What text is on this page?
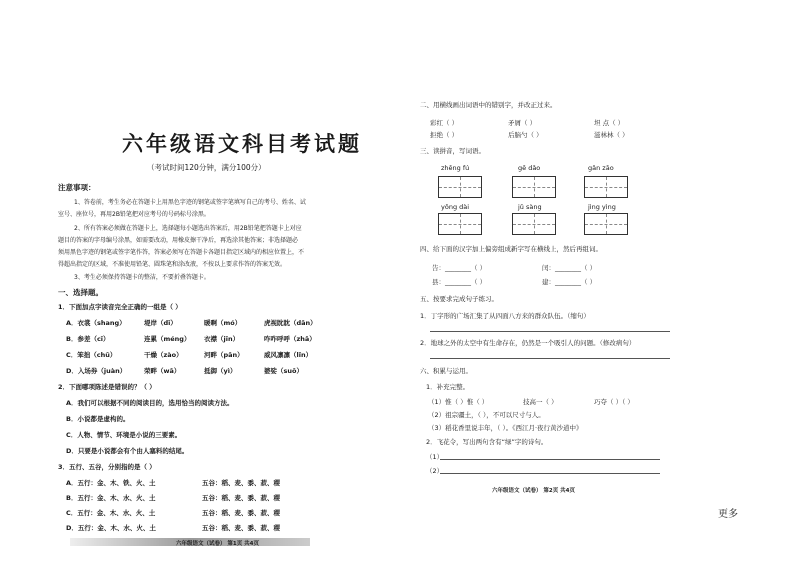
六年级语文科目考试题
（考试时间120分钟，满分100分）
注意事项：
1、答卷前，考生务必在答题卡上用黑色字迹的钢笔或签字笔填写自己的考号、姓名、试
室号、座位号，再用2B铅笔把对应考号的号码标号涂黑。
2、所有答案必须做在答题卡上，选择题每小题选出答案后，用2B铅笔把答题卡上对应
题目的答案的字母编号涂黑，如需要改动，用橡皮擦干净后，再选涂其他答案；非选择题必
须用黑色字迹的钢笔或签字笔作答，答案必须写在答题卡各题目指定区域内的相应位置上，不
得超出指定的区域，不准使用铅笔、圆珠笔和涂改液，不按以上要求作答的答案无效。
3、考生必须保持答题卡的整洁，不要折叠答题卡。
一、选择题。
1．下面加点字读音完全正确的一组是（ ）
A．衣裳（shang）	堤岸（dī）	暖啊（mó）	虎视眈眈（dān）
B．参差（cī）	连累（méng） 衣襟（jīn）	咋咋呼呼（zhā）
C．笨拙（chū）	干燥（zào）	河畔（pān）	威风凛凛（lǐn）
D．入场券（juàn）	荣畔（wā）	抵御（yì）	婆娑（suō）
2．下面哪项陈述是错误的？（ ）
A．我们可以根据不同的阅读目的，选用恰当的阅读方法。
B．小说都是虚构的。
C．人物、情节、环境是小说的三要素。
D．只要是小说都会有个由人塞料的结尾。
3．五行、五谷，分别指的是（ ）
A．五行：金、木、铁、火、土	五谷：稻、麦、黍、菽、稷
B．五行：金、木、水、火、土	五谷：稻、麦、黍、菽、稷
C．五行：金、木、水、火、土	五谷：稻、麦、黍、菽、稷
D．五行：金、木、水、火、土	五谷：稻、麦、黍、菽、稷
六年级语文（试卷） 第1页 共4页
二、用横线画出词语中的错别字，并改正过来。
彩红（ ）	矛屑（ ）	坦 点（ ）
拒绝（ ）	后脑勺（ ）	滋林林（ ）
三、读拼音，写词语。
zhēng fú	gē dǎo	gǎn zāo
yōng dài	jǔ sàng	jìng yìng
四、给下面的汉字加上偏旁组成新字写在横线上，然后再组词。
告：________（ ）	闰：________（ ）
县：________（ ）	建：________（ ）
五、按要求完成句子练习。
1．丁字形的广场汇集了从四面八方来的群众队伍。（缩句）
2．地球之外的太空中有生命存在，仍然是一个吸引人的问题。（修改病句）
六、积累与运用。
1．补充完整。
（1）惟（ ）惟（ ）	技高一（ ）	巧夺（ ）（ ）
（2）祖宗疆土，（ ），不可以尺寸与人。
（3）稻花香里说丰年，（ ）。《西江月·夜行黄沙道中》
2．飞花令，写出两句含有“绿”字的诗句。
（1）
（2）
六年级语文（试卷） 第2页 共4页
更多
